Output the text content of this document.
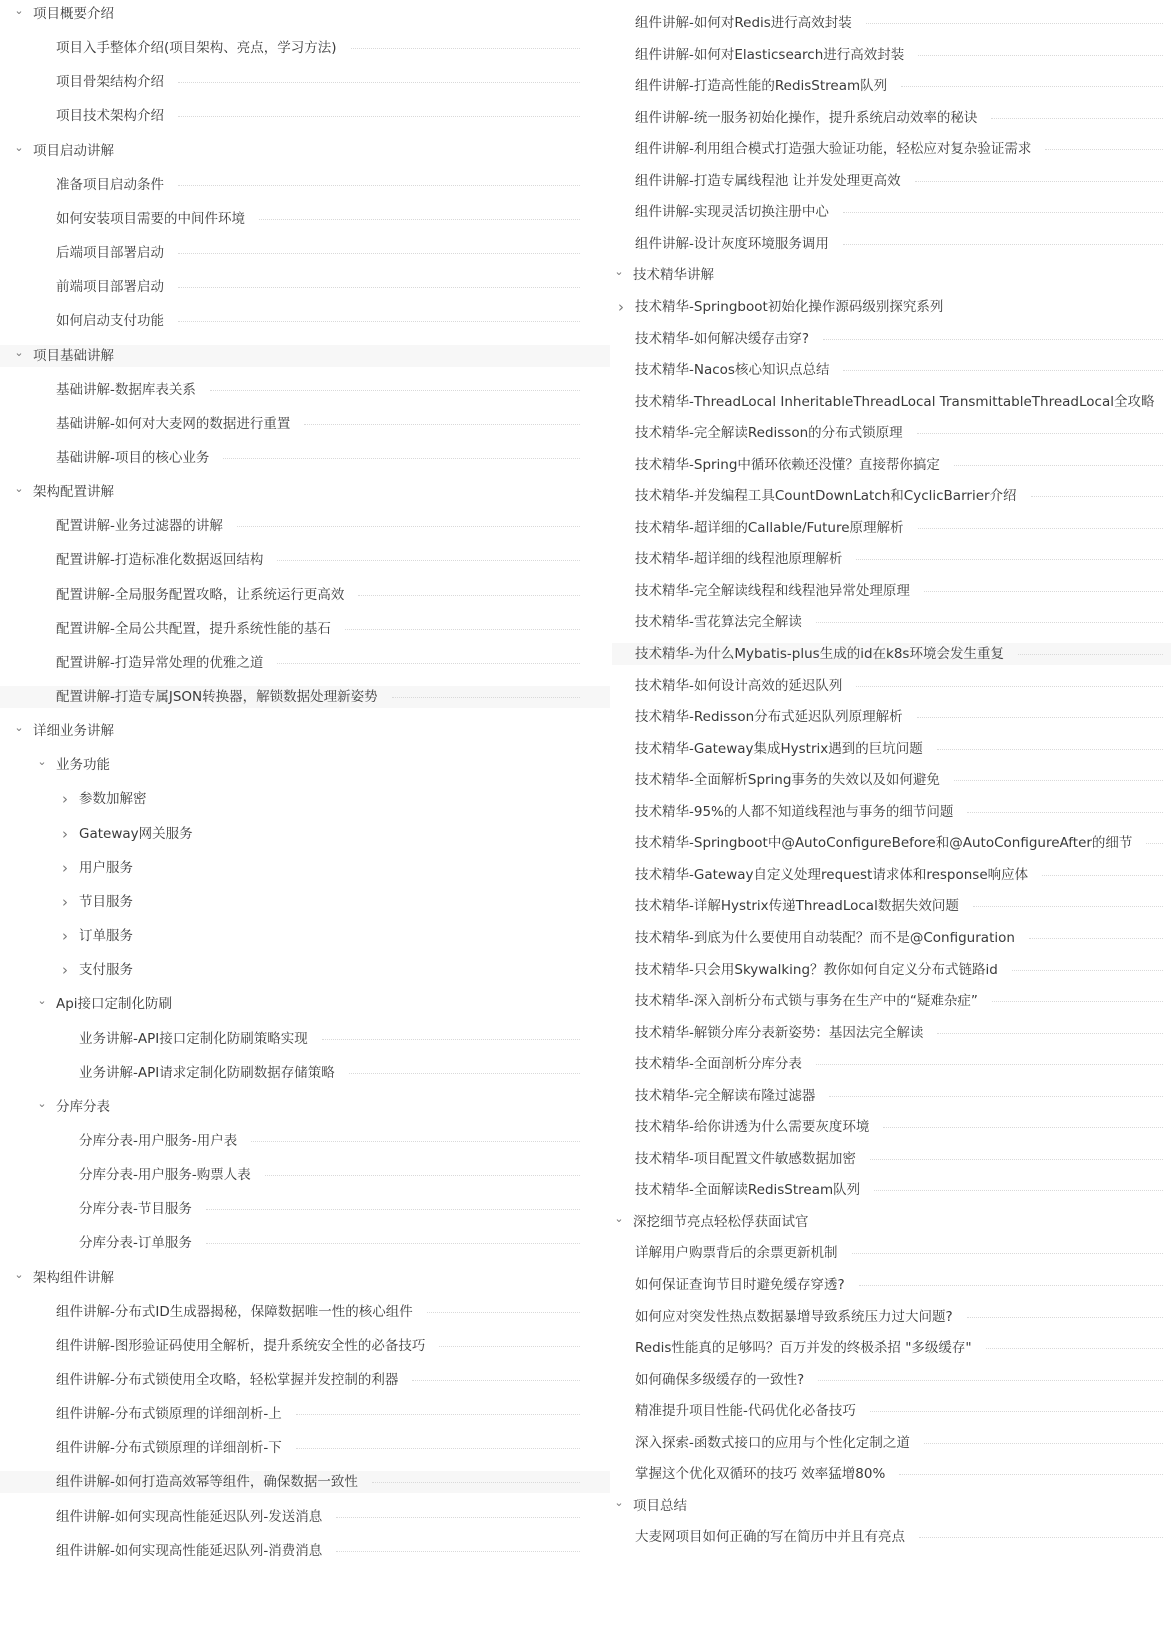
⌄ 项目概要介绍
项目入手整体介绍(项目架构、亮点，学习方法)
项目骨架结构介绍
项目技术架构介绍
⌄ 项目启动讲解
准备项目启动条件
如何安装项目需要的中间件环境
后端项目部署启动
前端项目部署启动
如何启动支付功能
⌄ 项目基础讲解
基础讲解-数据库表关系
基础讲解-如何对大麦网的数据进行重置
基础讲解-项目的核心业务
⌄ 架构配置讲解
配置讲解-业务过滤器的讲解
配置讲解-打造标准化数据返回结构
配置讲解-全局服务配置攻略，让系统运行更高效
配置讲解-全局公共配置，提升系统性能的基石
配置讲解-打造异常处理的优雅之道
配置讲解-打造专属JSON转换器，解锁数据处理新姿势
⌄ 详细业务讲解
⌄ 业务功能
› 参数加解密
› Gateway网关服务
› 用户服务
› 节目服务
› 订单服务
› 支付服务
⌄ Api接口定制化防刷
业务讲解-API接口定制化防刷策略实现
业务讲解-API请求定制化防刷数据存储策略
⌄ 分库分表
分库分表-用户服务-用户表
分库分表-用户服务-购票人表
分库分表-节目服务
分库分表-订单服务
⌄ 架构组件讲解
组件讲解-分布式ID生成器揭秘，保障数据唯一性的核心组件
组件讲解-图形验证码使用全解析，提升系统安全性的必备技巧
组件讲解-分布式锁使用全攻略，轻松掌握并发控制的利器
组件讲解-分布式锁原理的详细剖析-上
组件讲解-分布式锁原理的详细剖析-下
组件讲解-如何打造高效幂等组件，确保数据一致性
组件讲解-如何实现高性能延迟队列-发送消息
组件讲解-如何实现高性能延迟队列-消费消息
组件讲解-如何对Redis进行高效封装
组件讲解-如何对Elasticsearch进行高效封装
组件讲解-打造高性能的RedisStream队列
组件讲解-统一服务初始化操作，提升系统启动效率的秘诀
组件讲解-利用组合模式打造强大验证功能，轻松应对复杂验证需求
组件讲解-打造专属线程池 让并发处理更高效
组件讲解-实现灵活切换注册中心
组件讲解-设计灰度环境服务调用
⌄ 技术精华讲解
› 技术精华-Springboot初始化操作源码级别探究系列
技术精华-如何解决缓存击穿?
技术精华-Nacos核心知识点总结
技术精华-ThreadLocal InheritableThreadLocal TransmittableThreadLocal全攻略
技术精华-完全解读Redisson的分布式锁原理
技术精华-Spring中循环依赖还没懂？直接帮你搞定
技术精华-并发编程工具CountDownLatch和CyclicBarrier介绍
技术精华-超详细的Callable/Future原理解析
技术精华-超详细的线程池原理解析
技术精华-完全解读线程和线程池异常处理原理
技术精华-雪花算法完全解读
技术精华-为什么Mybatis-plus生成的id在k8s环境会发生重复
技术精华-如何设计高效的延迟队列
技术精华-Redisson分布式延迟队列原理解析
技术精华-Gateway集成Hystrix遇到的巨坑问题
技术精华-全面解析Spring事务的失效以及如何避免
技术精华-95%的人都不知道线程池与事务的细节问题
技术精华-Springboot中@AutoConfigureBefore和@AutoConfigureAfter的细节
技术精华-Gateway自定义处理request请求体和response响应体
技术精华-详解Hystrix传递ThreadLocal数据失效问题
技术精华-到底为什么要使用自动装配？而不是@Configuration
技术精华-只会用Skywalking？教你如何自定义分布式链路id
技术精华-深入剖析分布式锁与事务在生产中的“疑难杂症”
技术精华-解锁分库分表新姿势：基因法完全解读
技术精华-全面剖析分库分表
技术精华-完全解读布隆过滤器
技术精华-给你讲透为什么需要灰度环境
技术精华-项目配置文件敏感数据加密
技术精华-全面解读RedisStream队列
⌄ 深挖细节亮点轻松俘获面试官
详解用户购票背后的余票更新机制
如何保证查询节目时避免缓存穿透?
如何应对突发性热点数据暴增导致系统压力过大问题?
Redis性能真的足够吗？百万并发的终极杀招 "多级缓存"
如何确保多级缓存的一致性?
精准提升项目性能-代码优化必备技巧
深入探索-函数式接口的应用与个性化定制之道
掌握这个优化双循环的技巧 效率猛增80%
⌄ 项目总结
大麦网项目如何正确的写在简历中并且有亮点
